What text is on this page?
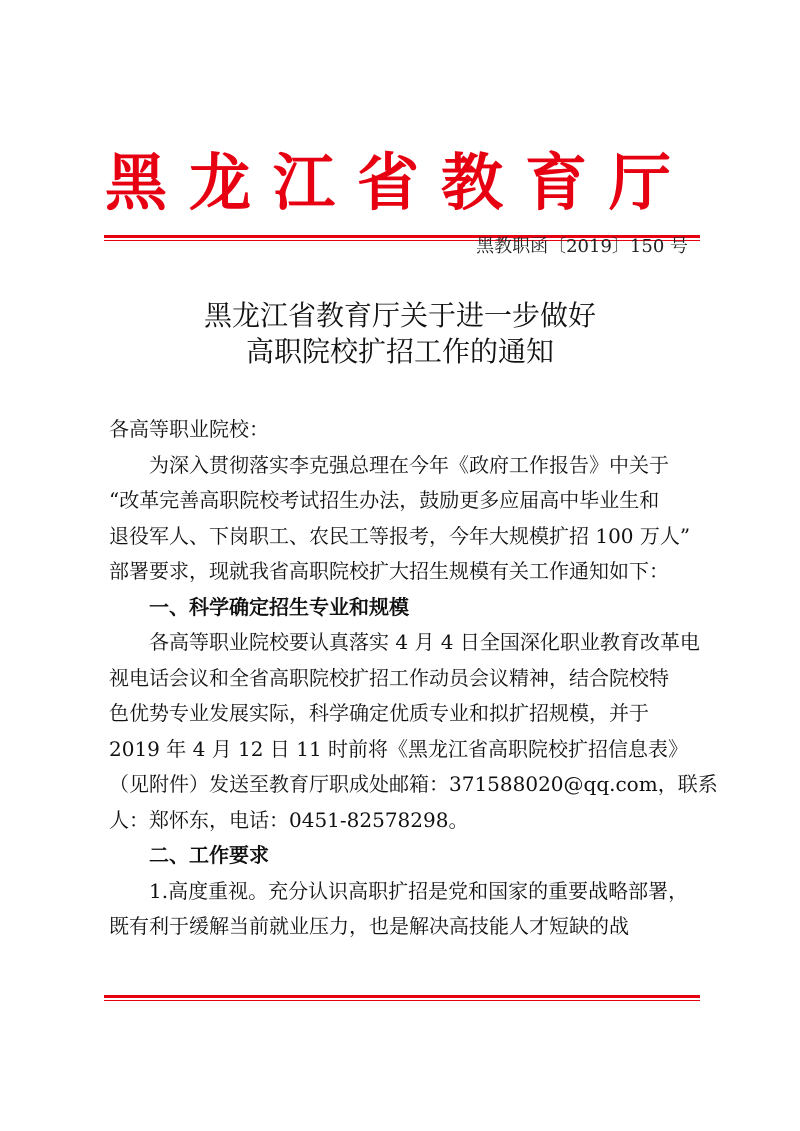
黑龙江省教育厅
黑教职函〔2019〕150 号
黑龙江省教育厅关于进一步做好
高职院校扩招工作的通知

各高等职业院校：

为深入贯彻落实李克强总理在今年《政府工作报告》中关于

“改革完善高职院校考试招生办法，鼓励更多应届高中毕业生和

退役军人、下岗职工、农民工等报考，今年大规模扩招 100 万人”

部署要求，现就我省高职院校扩大招生规模有关工作通知如下：

一、科学确定招生专业和规模

各高等职业院校要认真落实 4 月 4 日全国深化职业教育改革电

视电话会议和全省高职院校扩招工作动员会议精神，结合院校特

色优势专业发展实际，科学确定优质专业和拟扩招规模，并于

2019 年 4 月 12 日 11 时前将《黑龙江省高职院校扩招信息表》

（见附件）发送至教育厅职成处邮箱：371588020@qq.com，联系

人：郑怀东，电话：0451-82578298。

二、工作要求

1.高度重视。充分认识高职扩招是党和国家的重要战略部署，

既有利于缓解当前就业压力，也是解决高技能人才短缺的战
